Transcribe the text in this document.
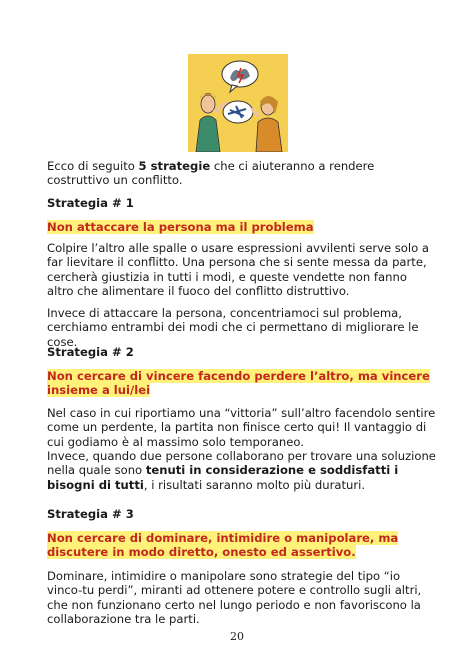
Ecco di seguito 5 strategie che ci aiuteranno a rendere costruttivo un conflitto.

Strategia # 1

Non attaccare la persona ma il problema

Colpire l’altro alle spalle o usare espressioni avvilenti serve solo a far lievitare il conflitto. Una persona che si sente messa da parte, cercherà giustizia in tutti i modi, e queste vendette non fanno altro che alimentare il fuoco del conflitto distruttivo.

Invece di attaccare la persona, concentriamoci sul problema, cerchiamo entrambi dei modi che ci permettano di migliorare le cose.

Strategia # 2

Non cercare di vincere facendo perdere l’altro, ma vincere insieme a lui/lei

Nel caso in cui riportiamo una “vittoria” sull’altro facendolo sentire come un perdente, la partita non finisce certo qui! Il vantaggio di cui godiamo è al massimo solo temporaneo.

Invece, quando due persone collaborano per trovare una soluzione nella quale sono tenuti in considerazione e soddisfatti i bisogni di tutti, i risultati saranno molto più duraturi.

Strategia # 3

Non cercare di dominare, intimidire o manipolare, ma discutere in modo diretto, onesto ed assertivo.

Dominare, intimidire o manipolare sono strategie del tipo “io vinco-tu perdi”, miranti ad ottenere potere e controllo sugli altri, che non funzionano certo nel lungo periodo e non favoriscono la collaborazione tra le parti.

20
